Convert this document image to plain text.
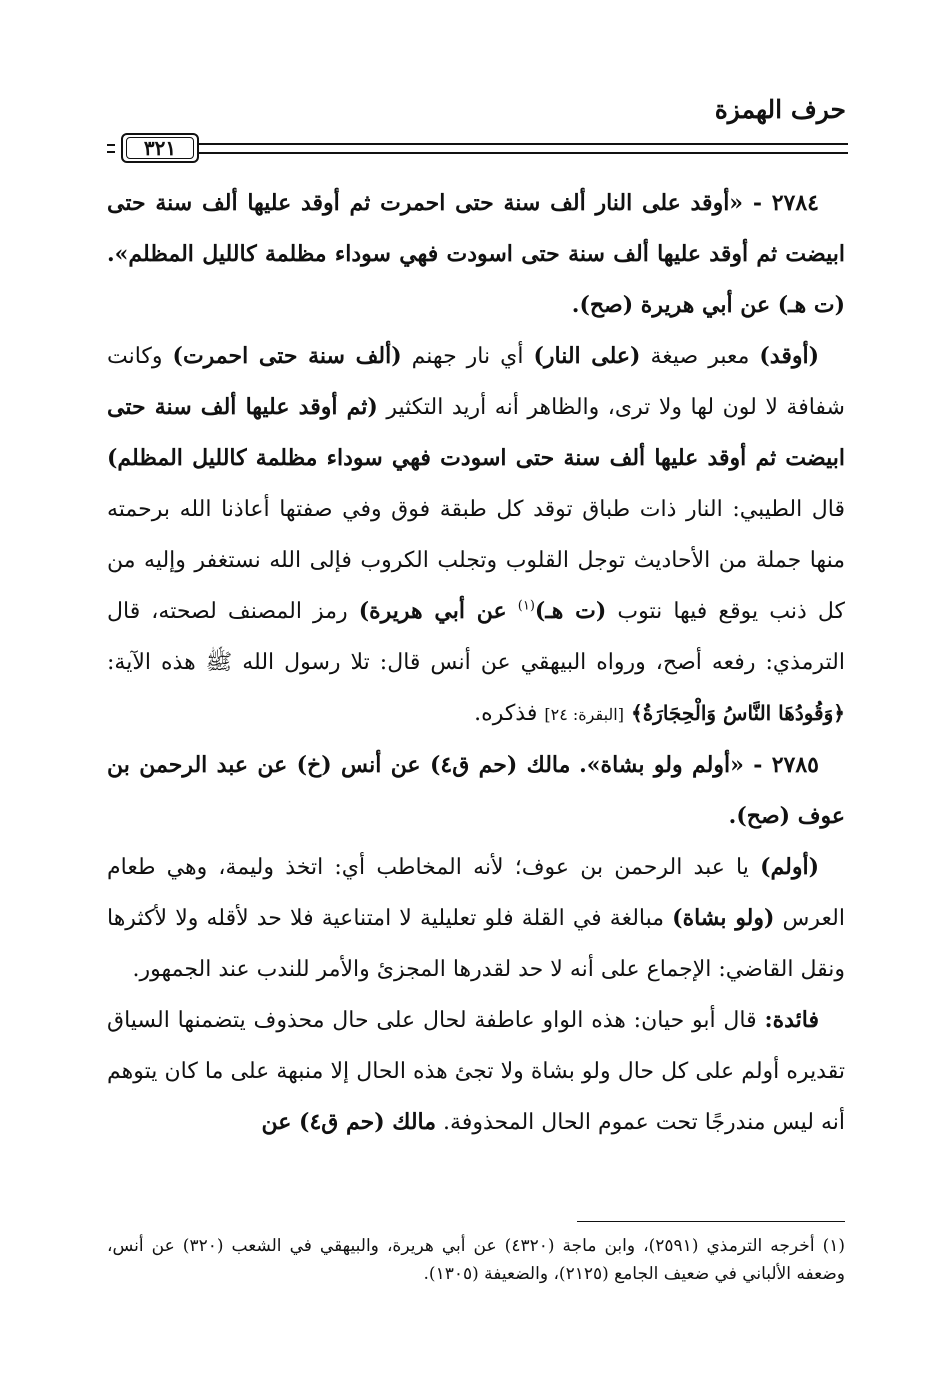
حرف الهمزة
٣٢١

٢٧٨٤ - «أوقد على النار ألف سنة حتى احمرت ثم أوقد عليها ألف سنة حتى ابيضت ثم أوقد عليها ألف سنة حتى اسودت فهي سوداء مظلمة كالليل المظلم». (ت هـ) عن أبي هريرة (صح).

(أوقد) معبر صيغة (على النار) أي نار جهنم (ألف سنة حتى احمرت) وكانت شفافة لا لون لها ولا ترى، والظاهر أنه أريد التكثير (ثم أوقد عليها ألف سنة حتى ابيضت ثم أوقد عليها ألف سنة حتى اسودت فهي سوداء مظلمة كالليل المظلم) قال الطيبي: النار ذات طباق توقد كل طبقة فوق وفي صفتها أعاذنا الله برحمته منها جملة من الأحاديث توجل القلوب وتجلب الكروب فإلى الله نستغفر وإليه من كل ذنب يوقع فيها نتوب (ت هـ)$^{(١)}$ عن أبي هريرة) رمز المصنف لصحته، قال الترمذي: رفعه أصح، ورواه البيهقي عن أنس قال: تلا رسول الله ﷺ هذه الآية: ﴿وَقُودُهَا النَّاسُ وَالْحِجَارَةُ﴾ [البقرة: ٢٤] فذكره.

٢٧٨٥ - «أولم ولو بشاة». مالك (حم ق٤) عن أنس (خ) عن عبد الرحمن بن عوف (صح).

(أولم) يا عبد الرحمن بن عوف؛ لأنه المخاطب أي: اتخذ وليمة، وهي طعام العرس (ولو بشاة) مبالغة في القلة فلو تعليلية لا امتناعية فلا حد لأقله ولا لأكثرها ونقل القاضي: الإجماع على أنه لا حد لقدرها المجزئ والأمر للندب عند الجمهور.

فائدة: قال أبو حيان: هذه الواو عاطفة لحال على حال محذوف يتضمنها السياق تقديره أولم على كل حال ولو بشاة ولا تجئ هذه الحال إلا منبهة على ما كان يتوهم أنه ليس مندرجًا تحت عموم الحال المحذوفة. مالك (حم ق٤) عن

(١) أخرجه الترمذي (٢٥٩١)، وابن ماجة (٤٣٢٠) عن أبي هريرة، والبيهقي في الشعب (٣٢٠) عن أنس، وضعفه الألباني في ضعيف الجامع (٢١٢٥)، والضعيفة (١٣٠٥).
